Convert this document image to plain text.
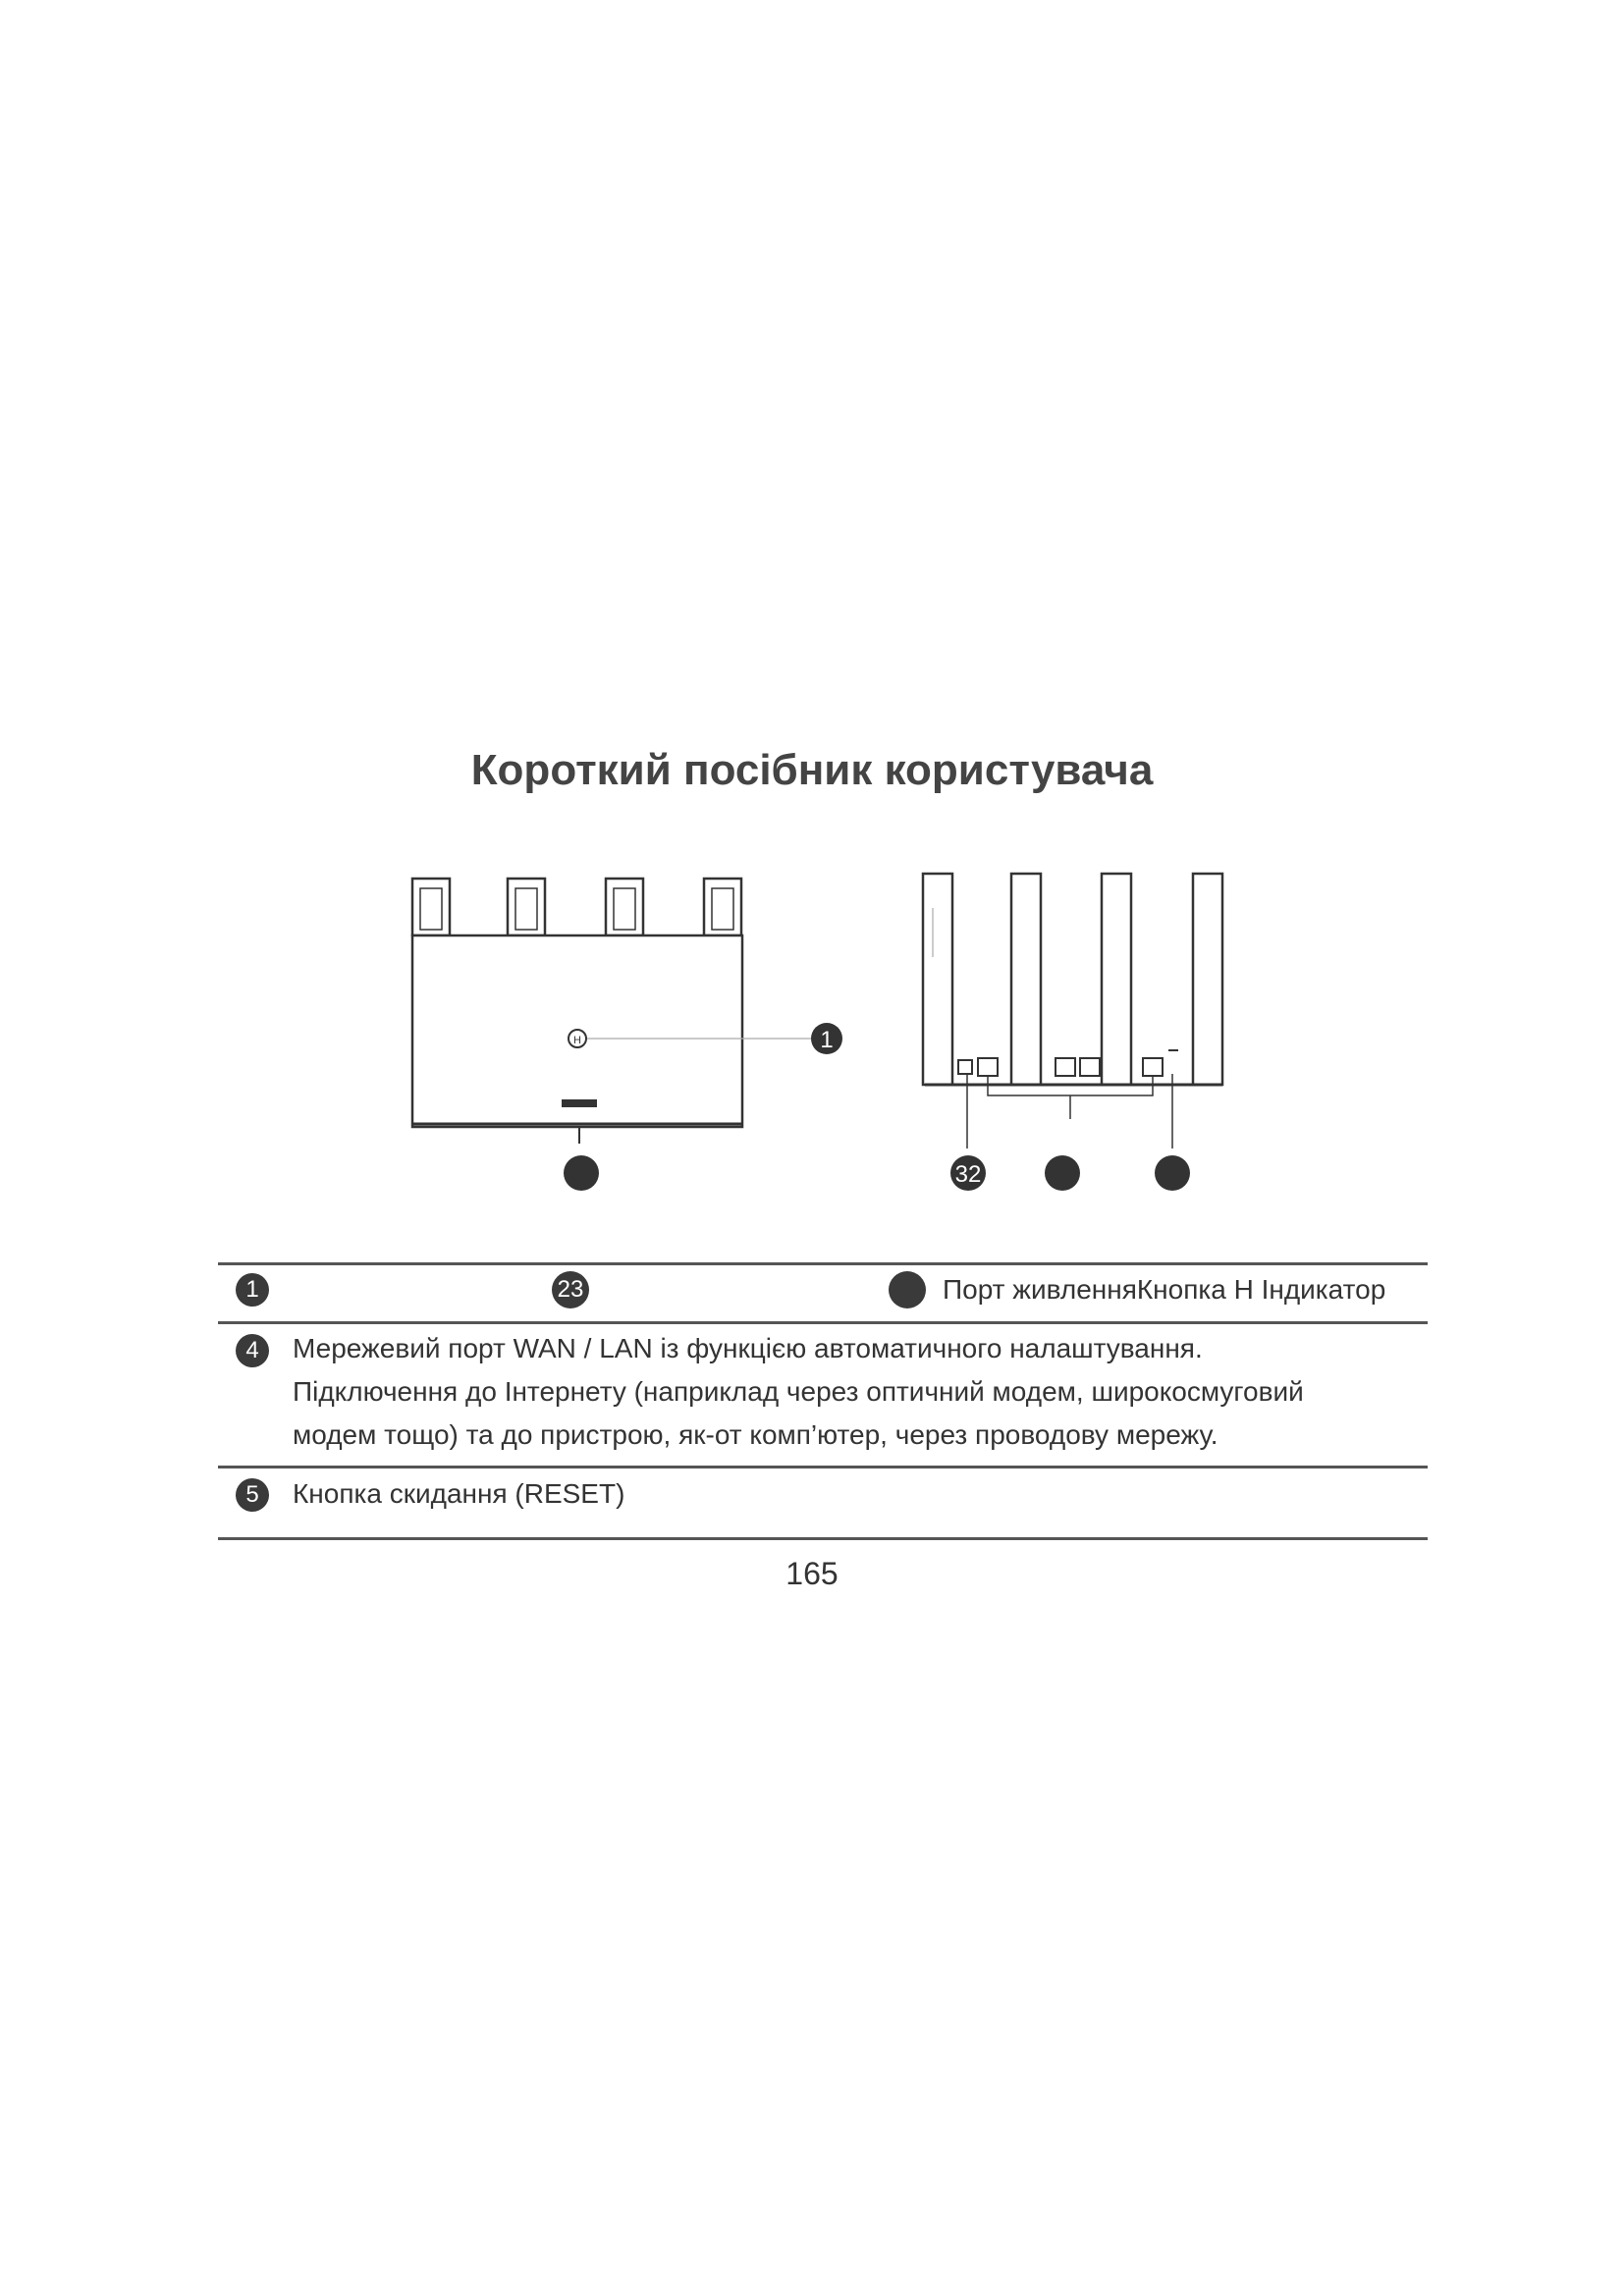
Короткий посібник користувача
H	1
32
1	23	Порт живленняКнопка H Індикатор
4	Мережевий порт WAN / LAN із функцією автоматичного налаштування.
Підключення до Інтернету (наприклад через оптичний модем, широкосмуговий
модем тощо) та до пристрою, як-от комп’ютер, через проводову мережу.
5	Кнопка скидання (RESET)
165
